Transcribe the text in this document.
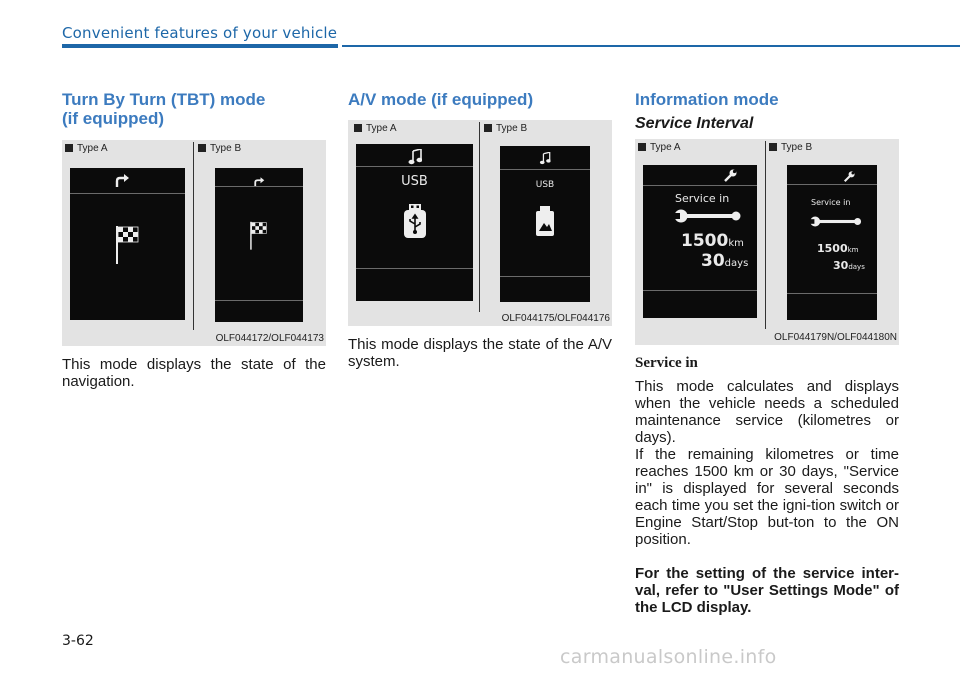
Convenient features of your vehicle
Turn By Turn (TBT) mode
(if equipped)
Type A	Type B
OLF044172/OLF044173

This mode displays the state of the navigation.

A/V mode (if equipped)
Type A	Type B
USB	USB
OLF044175/OLF044176

This mode displays the state of the A/V system.

Information mode
Service Interval
Type A	Type B
Service in
1500km
30days
Service in
1500km
30days
OLF044179N/OLF044180N
Service in

This mode calculates and displays when the vehicle needs a scheduled maintenance service (kilometres or days).

If the remaining kilometres or time reaches 1500 km or 30 days, "Service in" is displayed for several seconds each time you set the igni-tion switch or Engine Start/Stop but-ton to the ON position.

For the setting of the service inter-val, refer to "User Settings Mode" of the LCD display.

3-62
carmanualsonline.info
